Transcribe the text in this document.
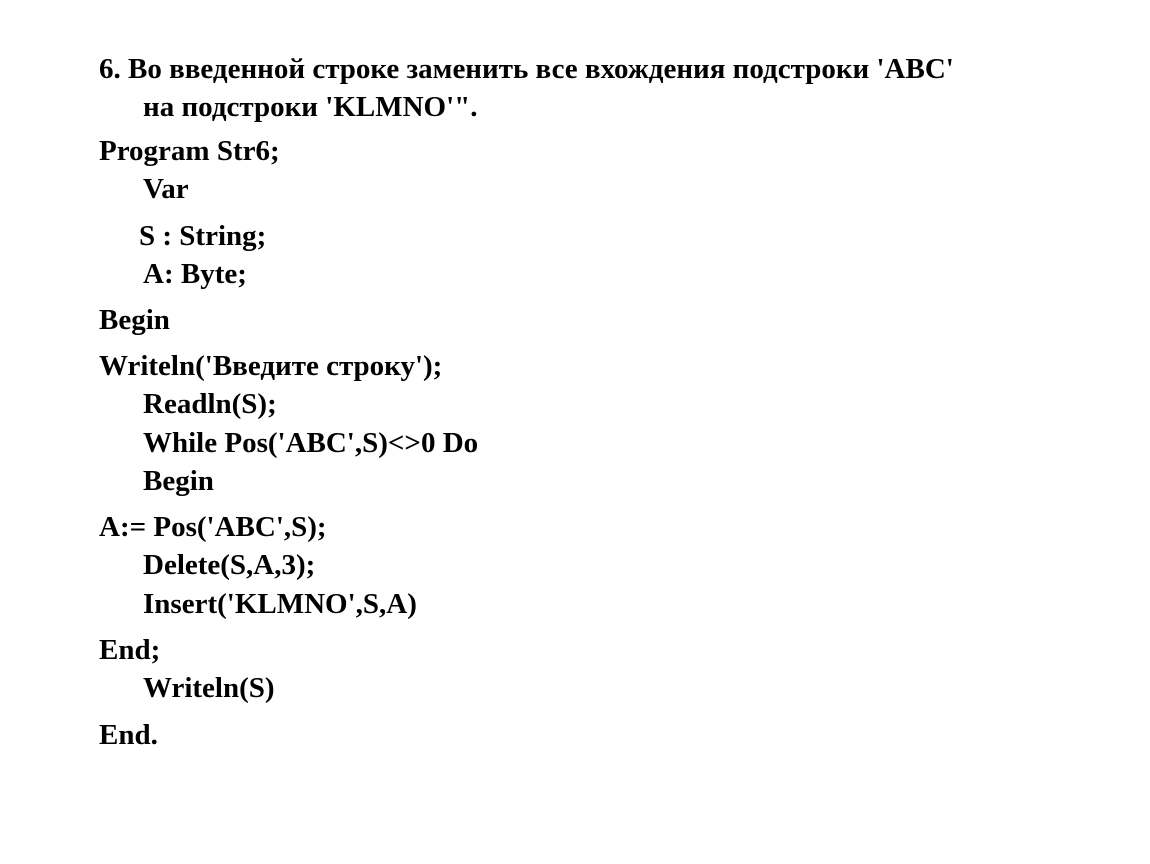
6. Во введенной строке заменить все вхождения подстроки 'ABC'
на подстроки 'KLMNO'".
Program Str6;
Var
S : String;
A: Byte;
Begin
Writeln('Введите строку');
Readln(S);
While Pos('ABC',S)<>0 Do
Begin
A:= Pos('ABC',S);
Delete(S,A,3);
Insert('KLMNO',S,A)
End;
Writeln(S)
End.
